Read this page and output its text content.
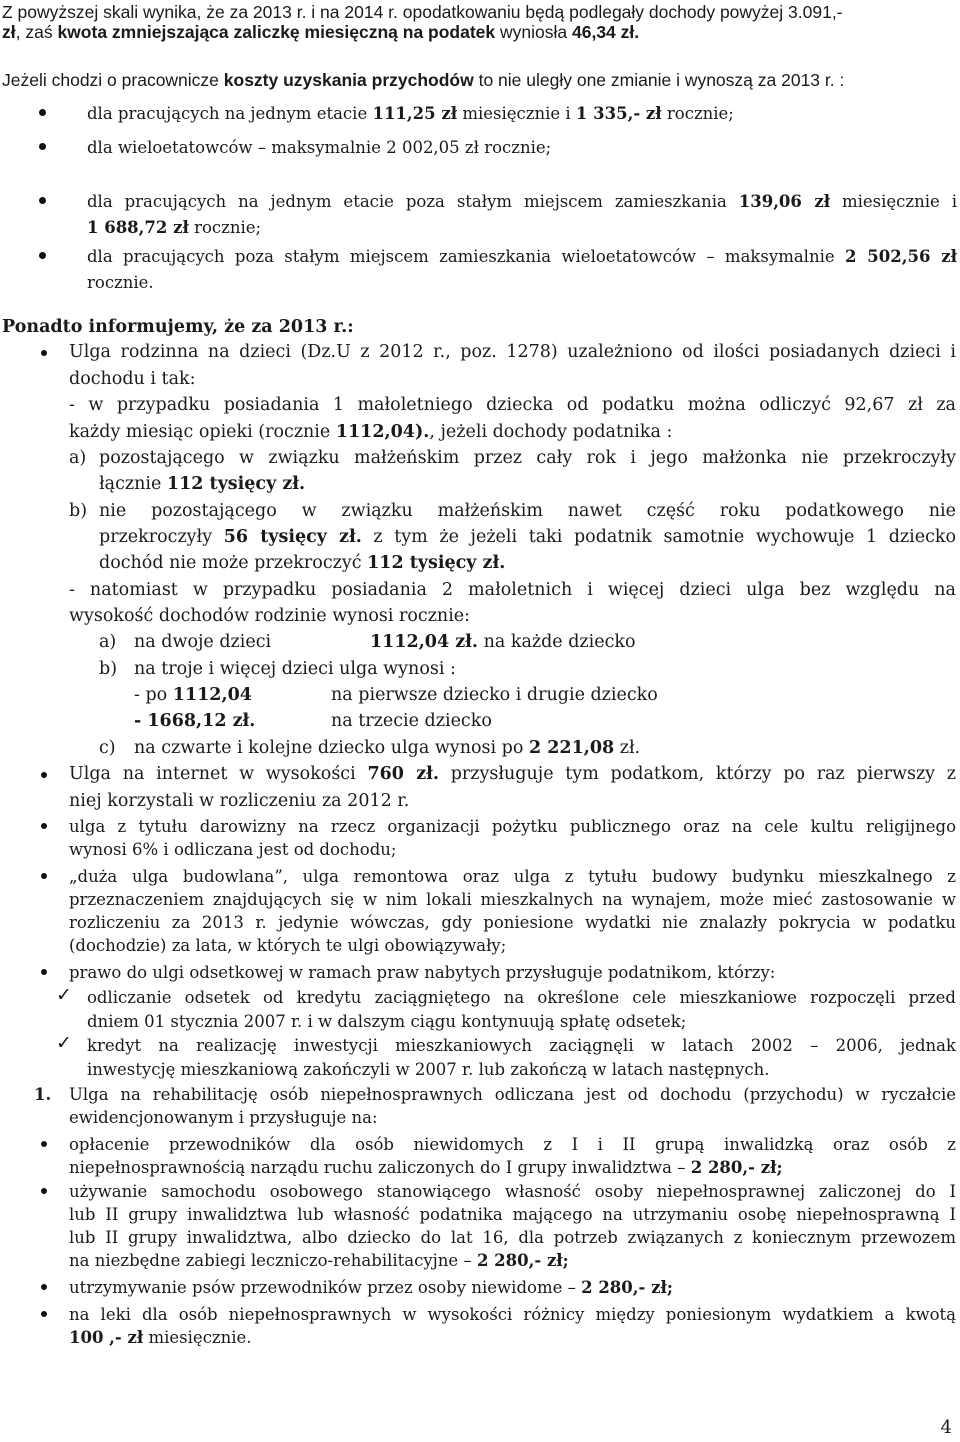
Z powyższej skali wynika, że za 2013 r. i na 2014 r. opodatkowaniu będą podlegały dochody powyżej 3.091,-
zł, zaś kwota zmniejszająca zaliczkę miesięczną na podatek wyniosła 46,34 zł.
Jeżeli chodzi o pracownicze koszty uzyskania przychodów to nie uległy one zmianie i wynoszą za 2013 r. :
dla pracujących na jednym etacie 111,25 zł miesięcznie i 1 335,- zł rocznie;
dla wieloetatowców – maksymalnie 2 002,05 zł rocznie;
dla pracujących na jednym etacie poza stałym miejscem zamieszkania 139,06 zł miesięcznie i
1 688,72 zł rocznie;
dla pracujących poza stałym miejscem zamieszkania wieloetatowców – maksymalnie 2 502,56 zł
rocznie.
Ponadto informujemy, że za 2013 r.:
Ulga rodzinna na dzieci (Dz.U z 2012 r., poz. 1278) uzależniono od ilości posiadanych dzieci i
dochodu i tak:
- w przypadku posiadania 1 małoletniego dziecka od podatku można odliczyć 92,67 zł za
każdy miesiąc opieki (rocznie 1112,04)., jeżeli dochody podatnika :
a) pozostającego w związku małżeńskim przez cały rok i jego małżonka nie przekroczyły
łącznie 112 tysięcy zł.
b) nie pozostającego w związku małżeńskim nawet część roku podatkowego nie
przekroczyły 56 tysięcy zł. z tym że jeżeli taki podatnik samotnie wychowuje 1 dziecko
dochód nie może przekroczyć 112 tysięcy zł.
- natomiast w przypadku posiadania 2 małoletnich i więcej dzieci ulga bez względu na
wysokość dochodów rodzinie wynosi rocznie:
a) na dwoje dzieci	1112,04 zł. na każde dziecko
b) na troje i więcej dzieci ulga wynosi :
- po 1112,04	na pierwsze dziecko i drugie dziecko
- 1668,12 zł.	na trzecie dziecko
c) na czwarte i kolejne dziecko ulga wynosi po 2 221,08 zł.
Ulga na internet w wysokości 760 zł. przysługuje tym podatkom, którzy po raz pierwszy z
niej korzystali w rozliczeniu za 2012 r.
ulga z tytułu darowizny na rzecz organizacji pożytku publicznego oraz na cele kultu religijnego
wynosi 6% i odliczana jest od dochodu;
„duża ulga budowlana”, ulga remontowa oraz ulga z tytułu budowy budynku mieszkalnego z
przeznaczeniem znajdujących się w nim lokali mieszkalnych na wynajem, może mieć zastosowanie w
rozliczeniu za 2013 r. jedynie wówczas, gdy poniesione wydatki nie znalazły pokrycia w podatku
(dochodzie) za lata, w których te ulgi obowiązywały;
prawo do ulgi odsetkowej w ramach praw nabytych przysługuje podatnikom, którzy:
✓ odliczanie odsetek od kredytu zaciągniętego na określone cele mieszkaniowe rozpoczęli przed
dniem 01 stycznia 2007 r. i w dalszym ciągu kontynuują spłatę odsetek;
✓ kredyt na realizację inwestycji mieszkaniowych zaciągnęli w latach 2002 – 2006, jednak
inwestycję mieszkaniową zakończyli w 2007 r. lub zakończą w latach następnych.
1. Ulga na rehabilitację osób niepełnosprawnych odliczana jest od dochodu (przychodu) w ryczałcie
ewidencjonowanym i przysługuje na:
opłacenie przewodników dla osób niewidomych z I i II grupą inwalidzką oraz osób z
niepełnosprawnością narządu ruchu zaliczonych do I grupy inwalidztwa – 2 280,- zł;
używanie samochodu osobowego stanowiącego własność osoby niepełnosprawnej zaliczonej do I
lub II grupy inwalidztwa lub własność podatnika mającego na utrzymaniu osobę niepełnosprawną I
lub II grupy inwalidztwa, albo dziecko do lat 16, dla potrzeb związanych z koniecznym przewozem
na niezbędne zabiegi leczniczo-rehabilitacyjne – 2 280,- zł;
utrzymywanie psów przewodników przez osoby niewidome – 2 280,- zł;
na leki dla osób niepełnosprawnych w wysokości różnicy między poniesionym wydatkiem a kwotą
100 ,- zł miesięcznie.
4
